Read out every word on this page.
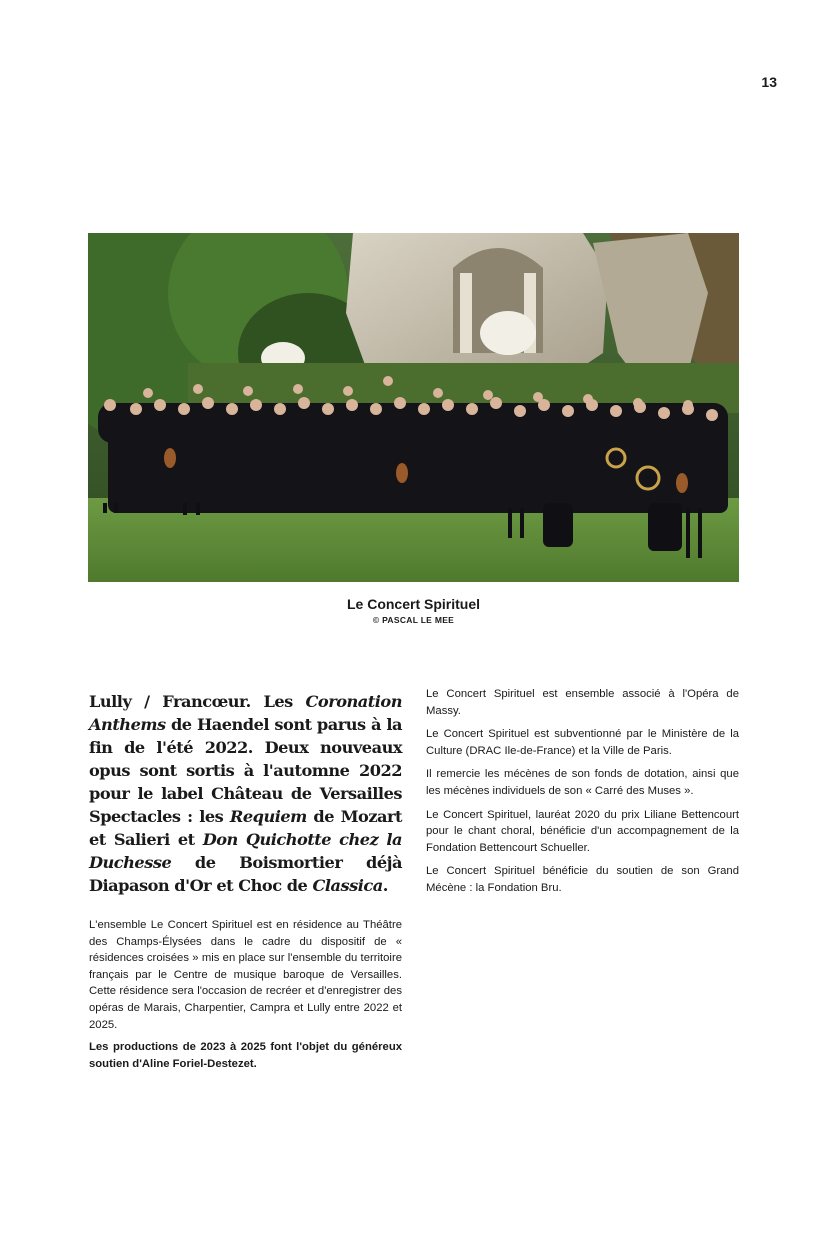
13
Le Concert Spirituel
© PASCAL LE MEE
Lully / Francœur. Les Coronation Anthems de Haendel sont parus à la fin de l'été 2022. Deux nouveaux opus sont sortis à l'automne 2022 pour le label Château de Versailles Spectacles : les Requiem de Mozart et Salieri et Don Quichotte chez la Duchesse de Boismortier déjà Diapason d'Or et Choc de Classica.

L'ensemble Le Concert Spirituel est en résidence au Théâtre des Champs-Élysées dans le cadre du dispositif de « résidences croisées » mis en place sur l'ensemble du territoire français par le Centre de musique baroque de Versailles. Cette résidence sera l'occasion de recréer et d'enregistrer des opéras de Marais, Charpentier, Campra et Lully entre 2022 et 2025.

Les productions de 2023 à 2025 font l'objet du généreux soutien d'Aline Foriel-Destezet.

Le Concert Spirituel est ensemble associé à l'Opéra de Massy.

Le Concert Spirituel est subventionné par le Ministère de la Culture (DRAC Ile-de-France) et la Ville de Paris.

Il remercie les mécènes de son fonds de dotation, ainsi que les mécènes individuels de son « Carré des Muses ».

Le Concert Spirituel, lauréat 2020 du prix Liliane Bettencourt pour le chant choral, bénéficie d'un accompagnement de la Fondation Bettencourt Schueller.

Le Concert Spirituel bénéficie du soutien de son Grand Mécène : la Fondation Bru.
